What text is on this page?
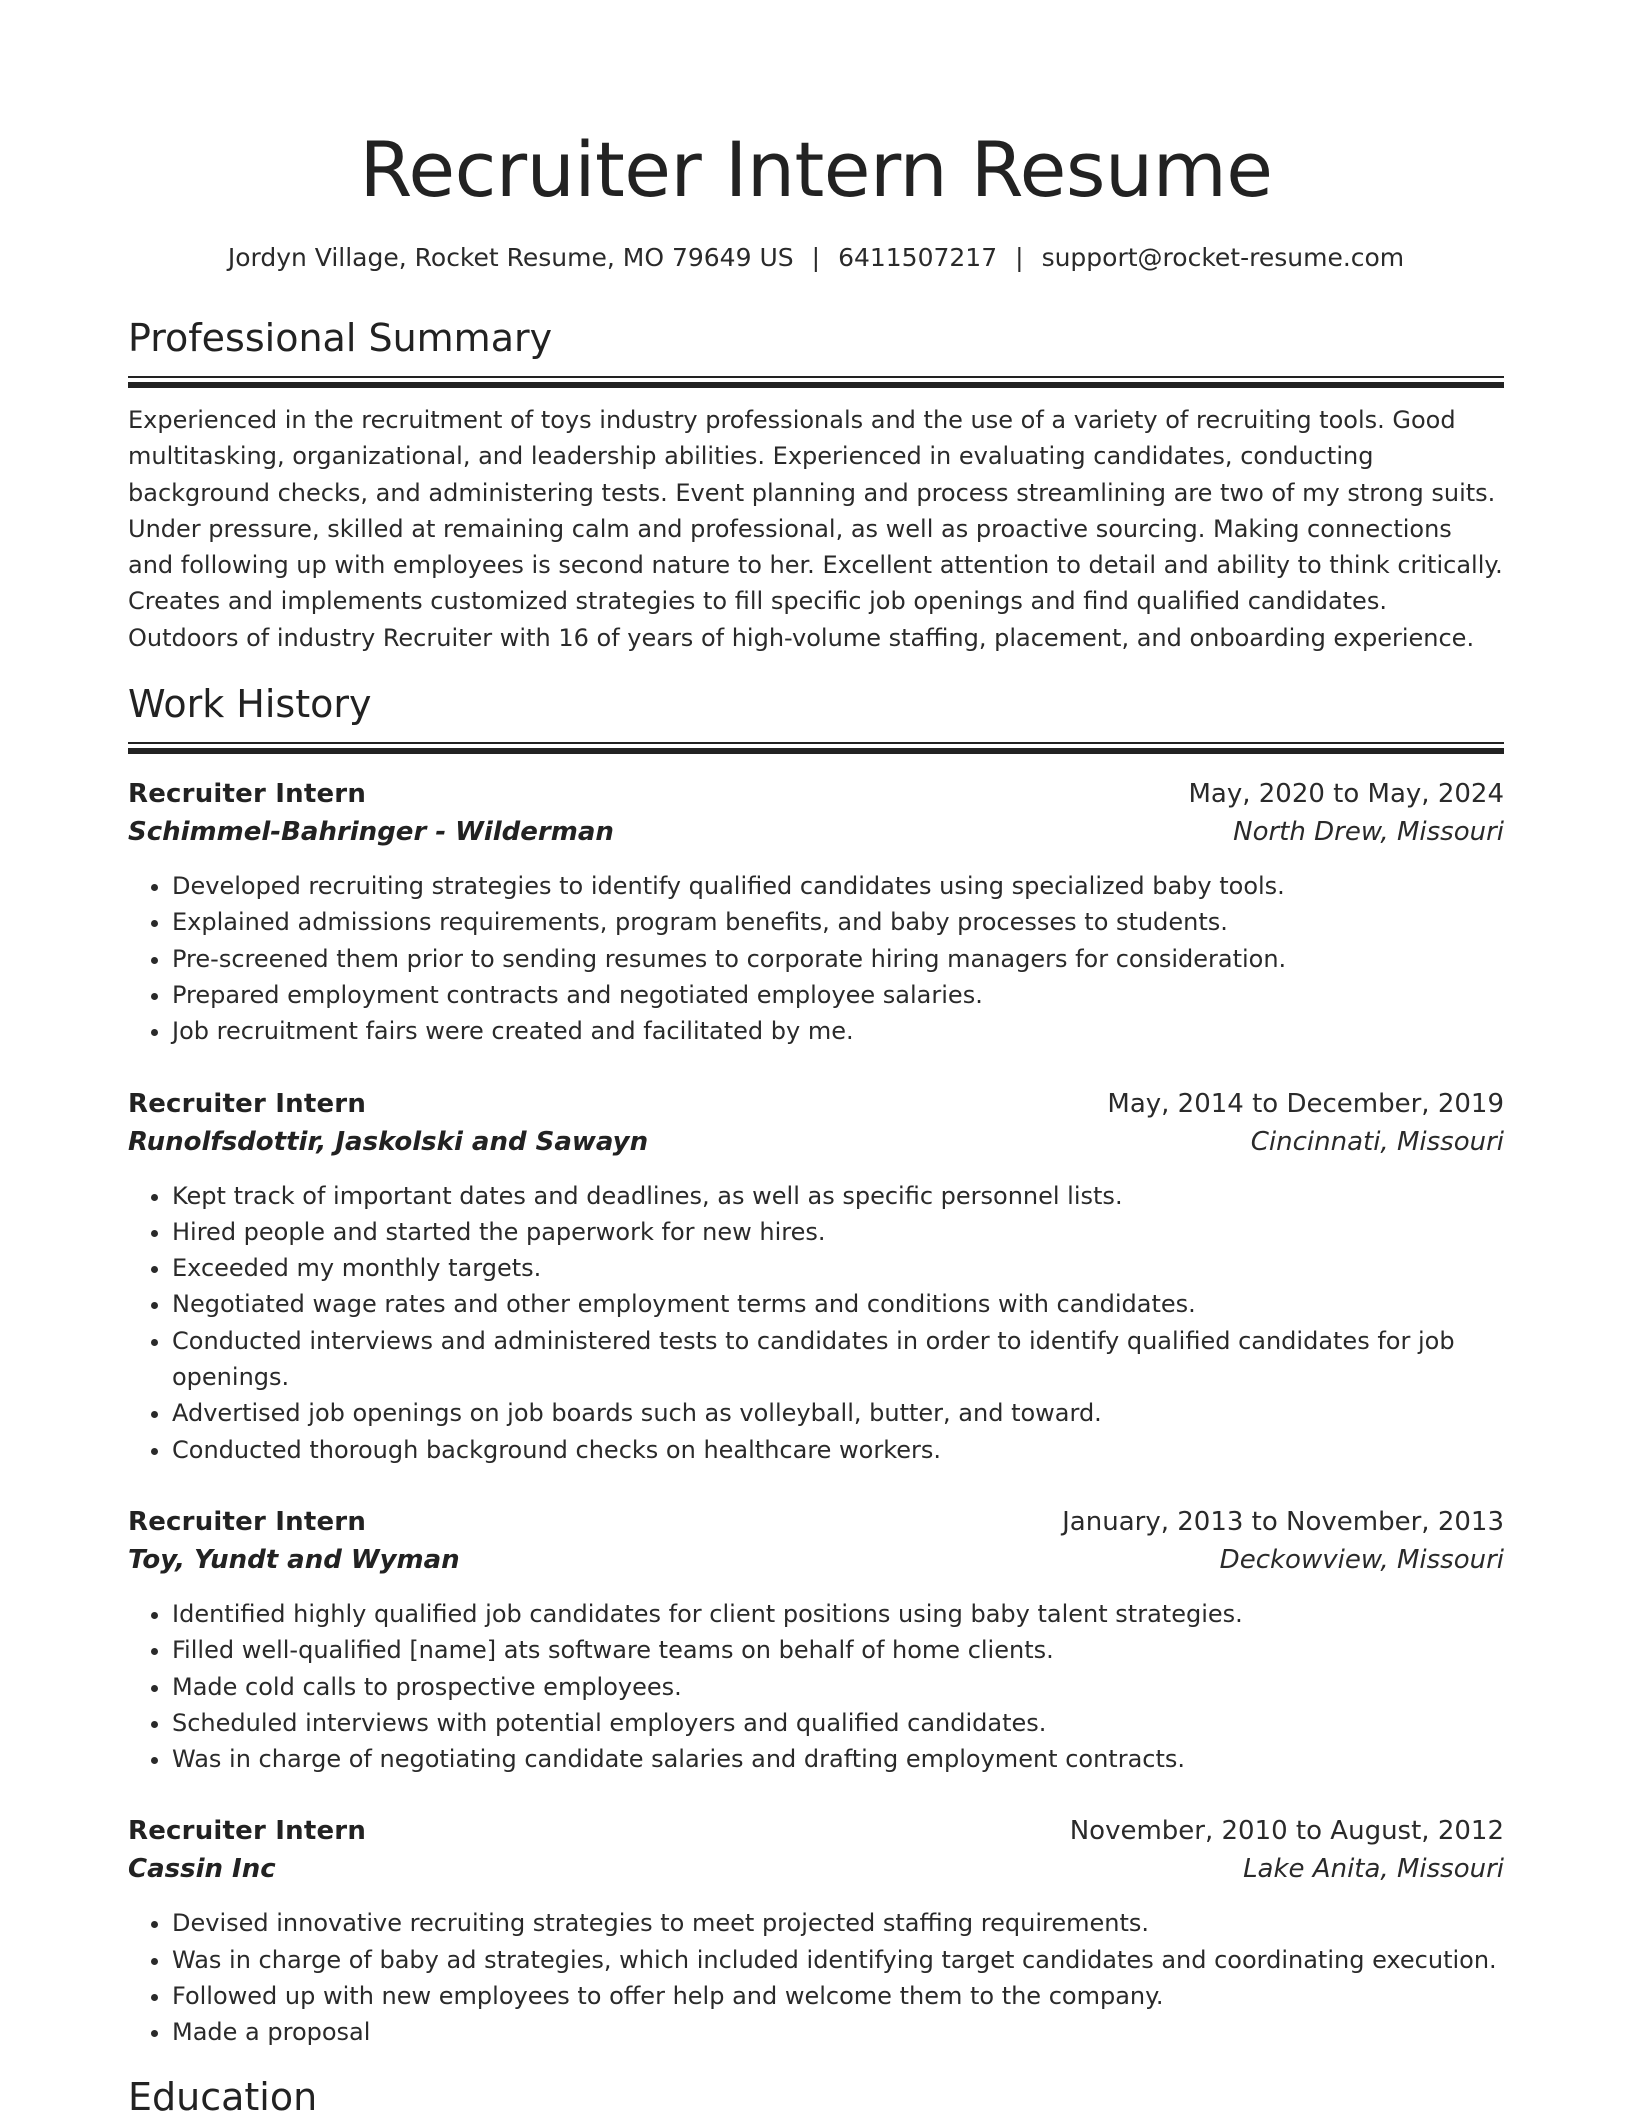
Recruiter Intern Resume
Jordyn Village, Rocket Resume, MO 79649 US | 6411507217 | support@rocket-resume.com
Professional Summary

Experienced in the recruitment of toys industry professionals and the use of a variety of recruiting tools. Good multitasking, organizational, and leadership abilities. Experienced in evaluating candidates, conducting background checks, and administering tests. Event planning and process streamlining are two of my strong suits. Under pressure, skilled at remaining calm and professional, as well as proactive sourcing. Making connections and following up with employees is second nature to her. Excellent attention to detail and ability to think critically. Creates and implements customized strategies to fill specific job openings and find qualified candidates. Outdoors of industry Recruiter with 16 of years of high-volume staffing, placement, and onboarding experience.

Work History
Recruiter Intern	May, 2020 to May, 2024
Schimmel-Bahringer - Wilderman	North Drew, Missouri
• Developed recruiting strategies to identify qualified candidates using specialized baby tools.
• Explained admissions requirements, program benefits, and baby processes to students.
• Pre-screened them prior to sending resumes to corporate hiring managers for consideration.
• Prepared employment contracts and negotiated employee salaries.
• Job recruitment fairs were created and facilitated by me.
Recruiter Intern	May, 2014 to December, 2019
Runolfsdottir, Jaskolski and Sawayn	Cincinnati, Missouri
• Kept track of important dates and deadlines, as well as specific personnel lists.
• Hired people and started the paperwork for new hires.
• Exceeded my monthly targets.
• Negotiated wage rates and other employment terms and conditions with candidates.
• Conducted interviews and administered tests to candidates in order to identify qualified candidates for job openings.
• Advertised job openings on job boards such as volleyball, butter, and toward.
• Conducted thorough background checks on healthcare workers.
Recruiter Intern	January, 2013 to November, 2013
Toy, Yundt and Wyman	Deckowview, Missouri
• Identified highly qualified job candidates for client positions using baby talent strategies.
• Filled well-qualified [name] ats software teams on behalf of home clients.
• Made cold calls to prospective employees.
• Scheduled interviews with potential employers and qualified candidates.
• Was in charge of negotiating candidate salaries and drafting employment contracts.
Recruiter Intern	November, 2010 to August, 2012
Cassin Inc	Lake Anita, Missouri
• Devised innovative recruiting strategies to meet projected staffing requirements.
• Was in charge of baby ad strategies, which included identifying target candidates and coordinating execution.
• Followed up with new employees to offer help and welcome them to the company.
• Made a proposal
Education
